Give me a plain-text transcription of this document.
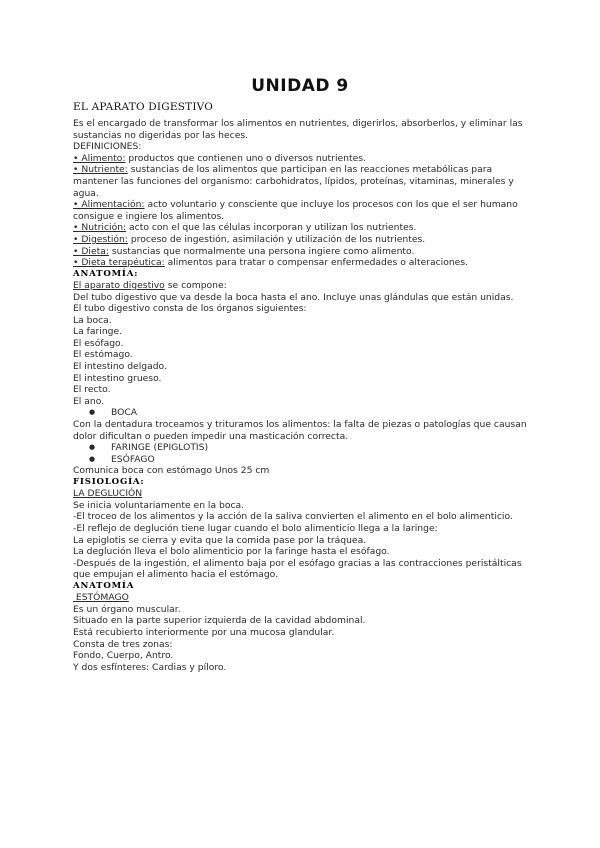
UNIDAD 9
EL APARATO DIGESTIVO
Es el encargado de transformar los alimentos en nutrientes, digerirlos, absorberlos, y eliminar las sustancias no digeridas por las heces.
DEFINICIONES:
• Alimento: productos que contienen uno o diversos nutrientes.
• Nutriente: sustancias de los alimentos que participan en las reacciones metabólicas para mantener las funciones del organismo: carbohidratos, lípidos, proteínas, vitaminas, minerales y agua.
• Alimentación: acto voluntario y consciente que incluye los procesos con los que el ser humano consigue e ingiere los alimentos.
• Nutrición: acto con el que las células incorporan y utilizan los nutrientes.
• Digestión: proceso de ingestión, asimilación y utilización de los nutrientes.
• Dieta: sustancias que normalmente una persona ingiere como alimento.
• Dieta terapéutica: alimentos para tratar o compensar enfermedades o alteraciones.
ANATOMÍA:
El aparato digestivo se compone:
Del tubo digestivo que va desde la boca hasta el ano. Incluye unas glándulas que están unidas.
El tubo digestivo consta de los órganos siguientes:
La boca.
La faringe.
El esófago.
El estómago.
El intestino delgado.
El intestino grueso.
El recto.
El ano.
● BOCA
Con la dentadura troceamos y trituramos los alimentos: la falta de piezas o patologías que causan dolor dificultan o pueden impedir una masticación correcta.
● FARINGE (EPIGLOTIS)
● ESÓFAGO
Comunica boca con estómago Unos 25 cm
FISIOLOGÍA:
LA DEGLUCIÓN
Se inicia voluntariamente en la boca.
-El troceo de los alimentos y la acción de la saliva convierten el alimento en el bolo alimenticio.
-El reflejo de deglución tiene lugar cuando el bolo alimenticio llega a la laringe:
La epiglotis se cierra y evita que la comida pase por la tráquea.
La deglución lleva el bolo alimenticio por la faringe hasta el esófago.
-Después de la ingestión, el alimento baja por el esófago gracias a las contracciones peristálticas que empujan el alimento hacia el estómago.
ANATOMÍA
ESTÓMAGO
Es un órgano muscular.
Situado en la parte superior izquierda de la cavidad abdominal.
Está recubierto interiormente por una mucosa glandular.
Consta de tres zonas:
Fondo, Cuerpo, Antro.
Y dos esfínteres: Cardias y píloro.
